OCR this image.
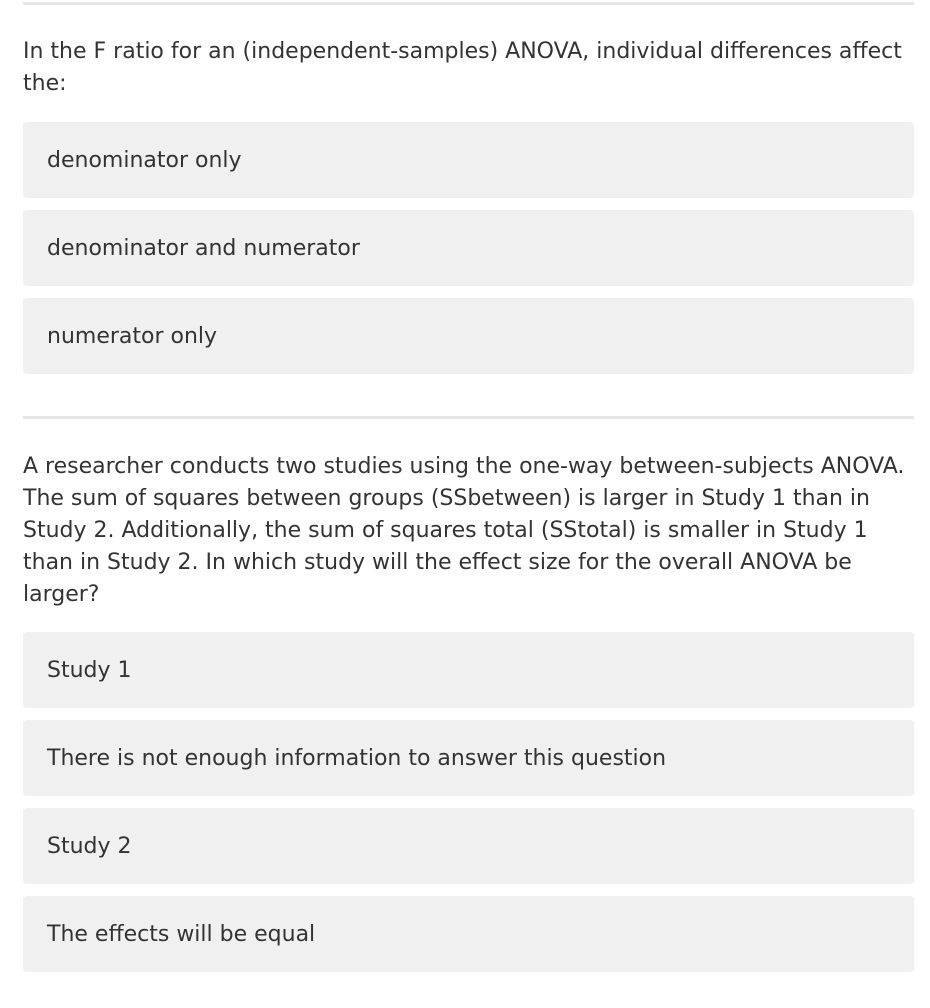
In the F ratio for an (independent-samples) ANOVA, individual differences affect the:

denominator only
denominator and numerator
numerator only

A researcher conducts two studies using the one-way between-subjects ANOVA. The sum of squares between groups (SSbetween) is larger in Study 1 than in Study 2. Additionally, the sum of squares total (SStotal) is smaller in Study 1 than in Study 2. In which study will the effect size for the overall ANOVA be larger?

Study 1
There is not enough information to answer this question
Study 2
The effects will be equal
